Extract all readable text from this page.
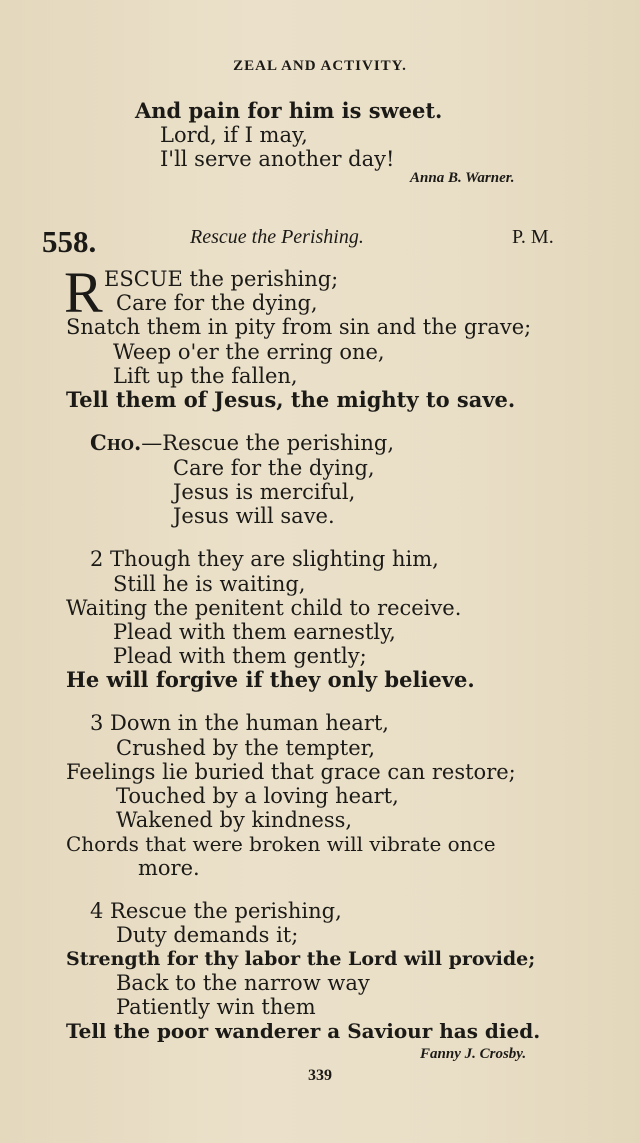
ZEAL AND ACTIVITY.
And pain for him is sweet.
Lord, if I may,
I'll serve another day!
Anna B. Warner.
558.	Rescue the Perishing.	P. M.
R ESCUE the perishing;
Care for the dying,
Snatch them in pity from sin and the grave;
Weep o'er the erring one,
Lift up the fallen,
Tell them of Jesus, the mighty to save.
Cho.—Rescue the perishing,
Care for the dying,
Jesus is merciful,
Jesus will save.
2 Though they are slighting him,
Still he is waiting,
Waiting the penitent child to receive.
Plead with them earnestly,
Plead with them gently;
He will forgive if they only believe.
3 Down in the human heart,
Crushed by the tempter,
Feelings lie buried that grace can restore;
Touched by a loving heart,
Wakened by kindness,
Chords that were broken will vibrate once
more.
4 Rescue the perishing,
Duty demands it;
Strength for thy labor the Lord will provide;
Back to the narrow way
Patiently win them
Tell the poor wanderer a Saviour has died.
Fanny J. Crosby.
339
